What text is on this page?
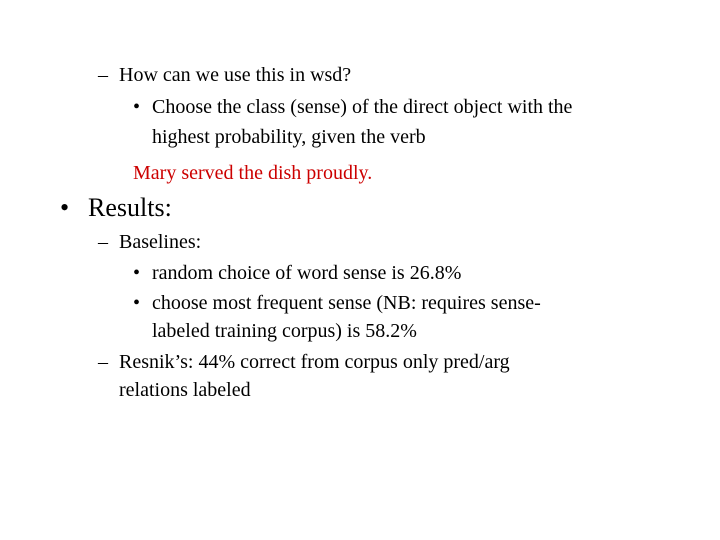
– How can we use this in wsd?
• Choose the class (sense) of the direct object with the
highest probability, given the verb
Mary served the dish proudly.
• Results:
– Baselines:
• random choice of word sense is 26.8%
• choose most frequent sense (NB: requires sense-
labeled training corpus) is 58.2%
– Resnik’s: 44% correct from corpus only pred/arg
relations labeled
